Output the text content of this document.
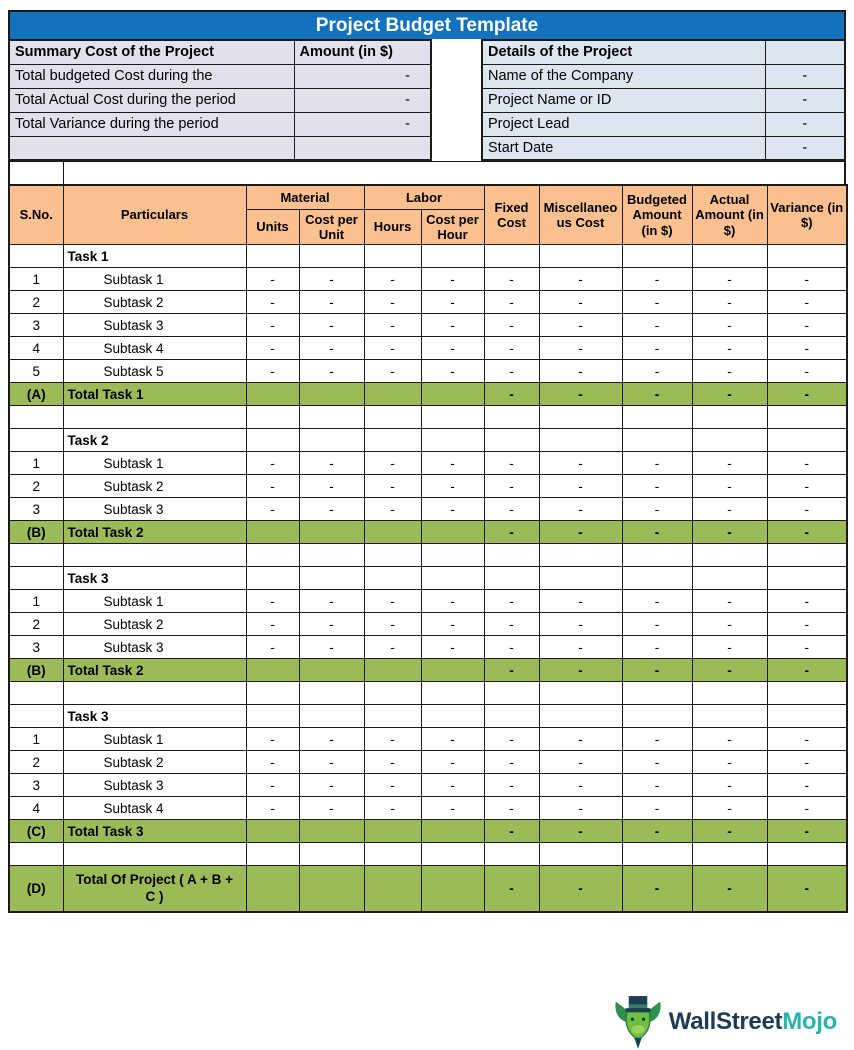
Project Budget Template
Summary Cost of the Project	Amount (in $)
Total budgeted Cost during the	-
Total Actual Cost during the period	-
Total Variance during the period	-

Details of the Project	
Name of the Company	-
Project Name or ID	-
Project Lead	-
Start Date	-
S.No.	Particulars	Material		Labor		Fixed Cost	Miscellaneous Cost	Budgeted Amount (in $)	Actual Amount (in $)	Variance (in $)
		Units	Cost per Unit	Hours	Cost per Hour					
	Task 1									
1	Subtask 1	-	-	-	-	-	-	-	-	-
2	Subtask 2	-	-	-	-	-	-	-	-	-
3	Subtask 3	-	-	-	-	-	-	-	-	-
4	Subtask 4	-	-	-	-	-	-	-	-	-
5	Subtask 5	-	-	-	-	-	-	-	-	-
(A)	Total Task 1					-	-	-	-	-

	Task 2									
1	Subtask 1	-	-	-	-	-	-	-	-	-
2	Subtask 2	-	-	-	-	-	-	-	-	-
3	Subtask 3	-	-	-	-	-	-	-	-	-
(B)	Total Task 2					-	-	-	-	-

	Task 3									
1	Subtask 1	-	-	-	-	-	-	-	-	-
2	Subtask 2	-	-	-	-	-	-	-	-	-
3	Subtask 3	-	-	-	-	-	-	-	-	-
(B)	Total Task 2					-	-	-	-	-

	Task 3									
1	Subtask 1	-	-	-	-	-	-	-	-	-
2	Subtask 2	-	-	-	-	-	-	-	-	-
3	Subtask 3	-	-	-	-	-	-	-	-	-
4	Subtask 4	-	-	-	-	-	-	-	-	-
(C)	Total Task 3					-	-	-	-	-

(D)	Total Of Project ( A + B + C )					-	-	-	-	-
WallStreetMojo
